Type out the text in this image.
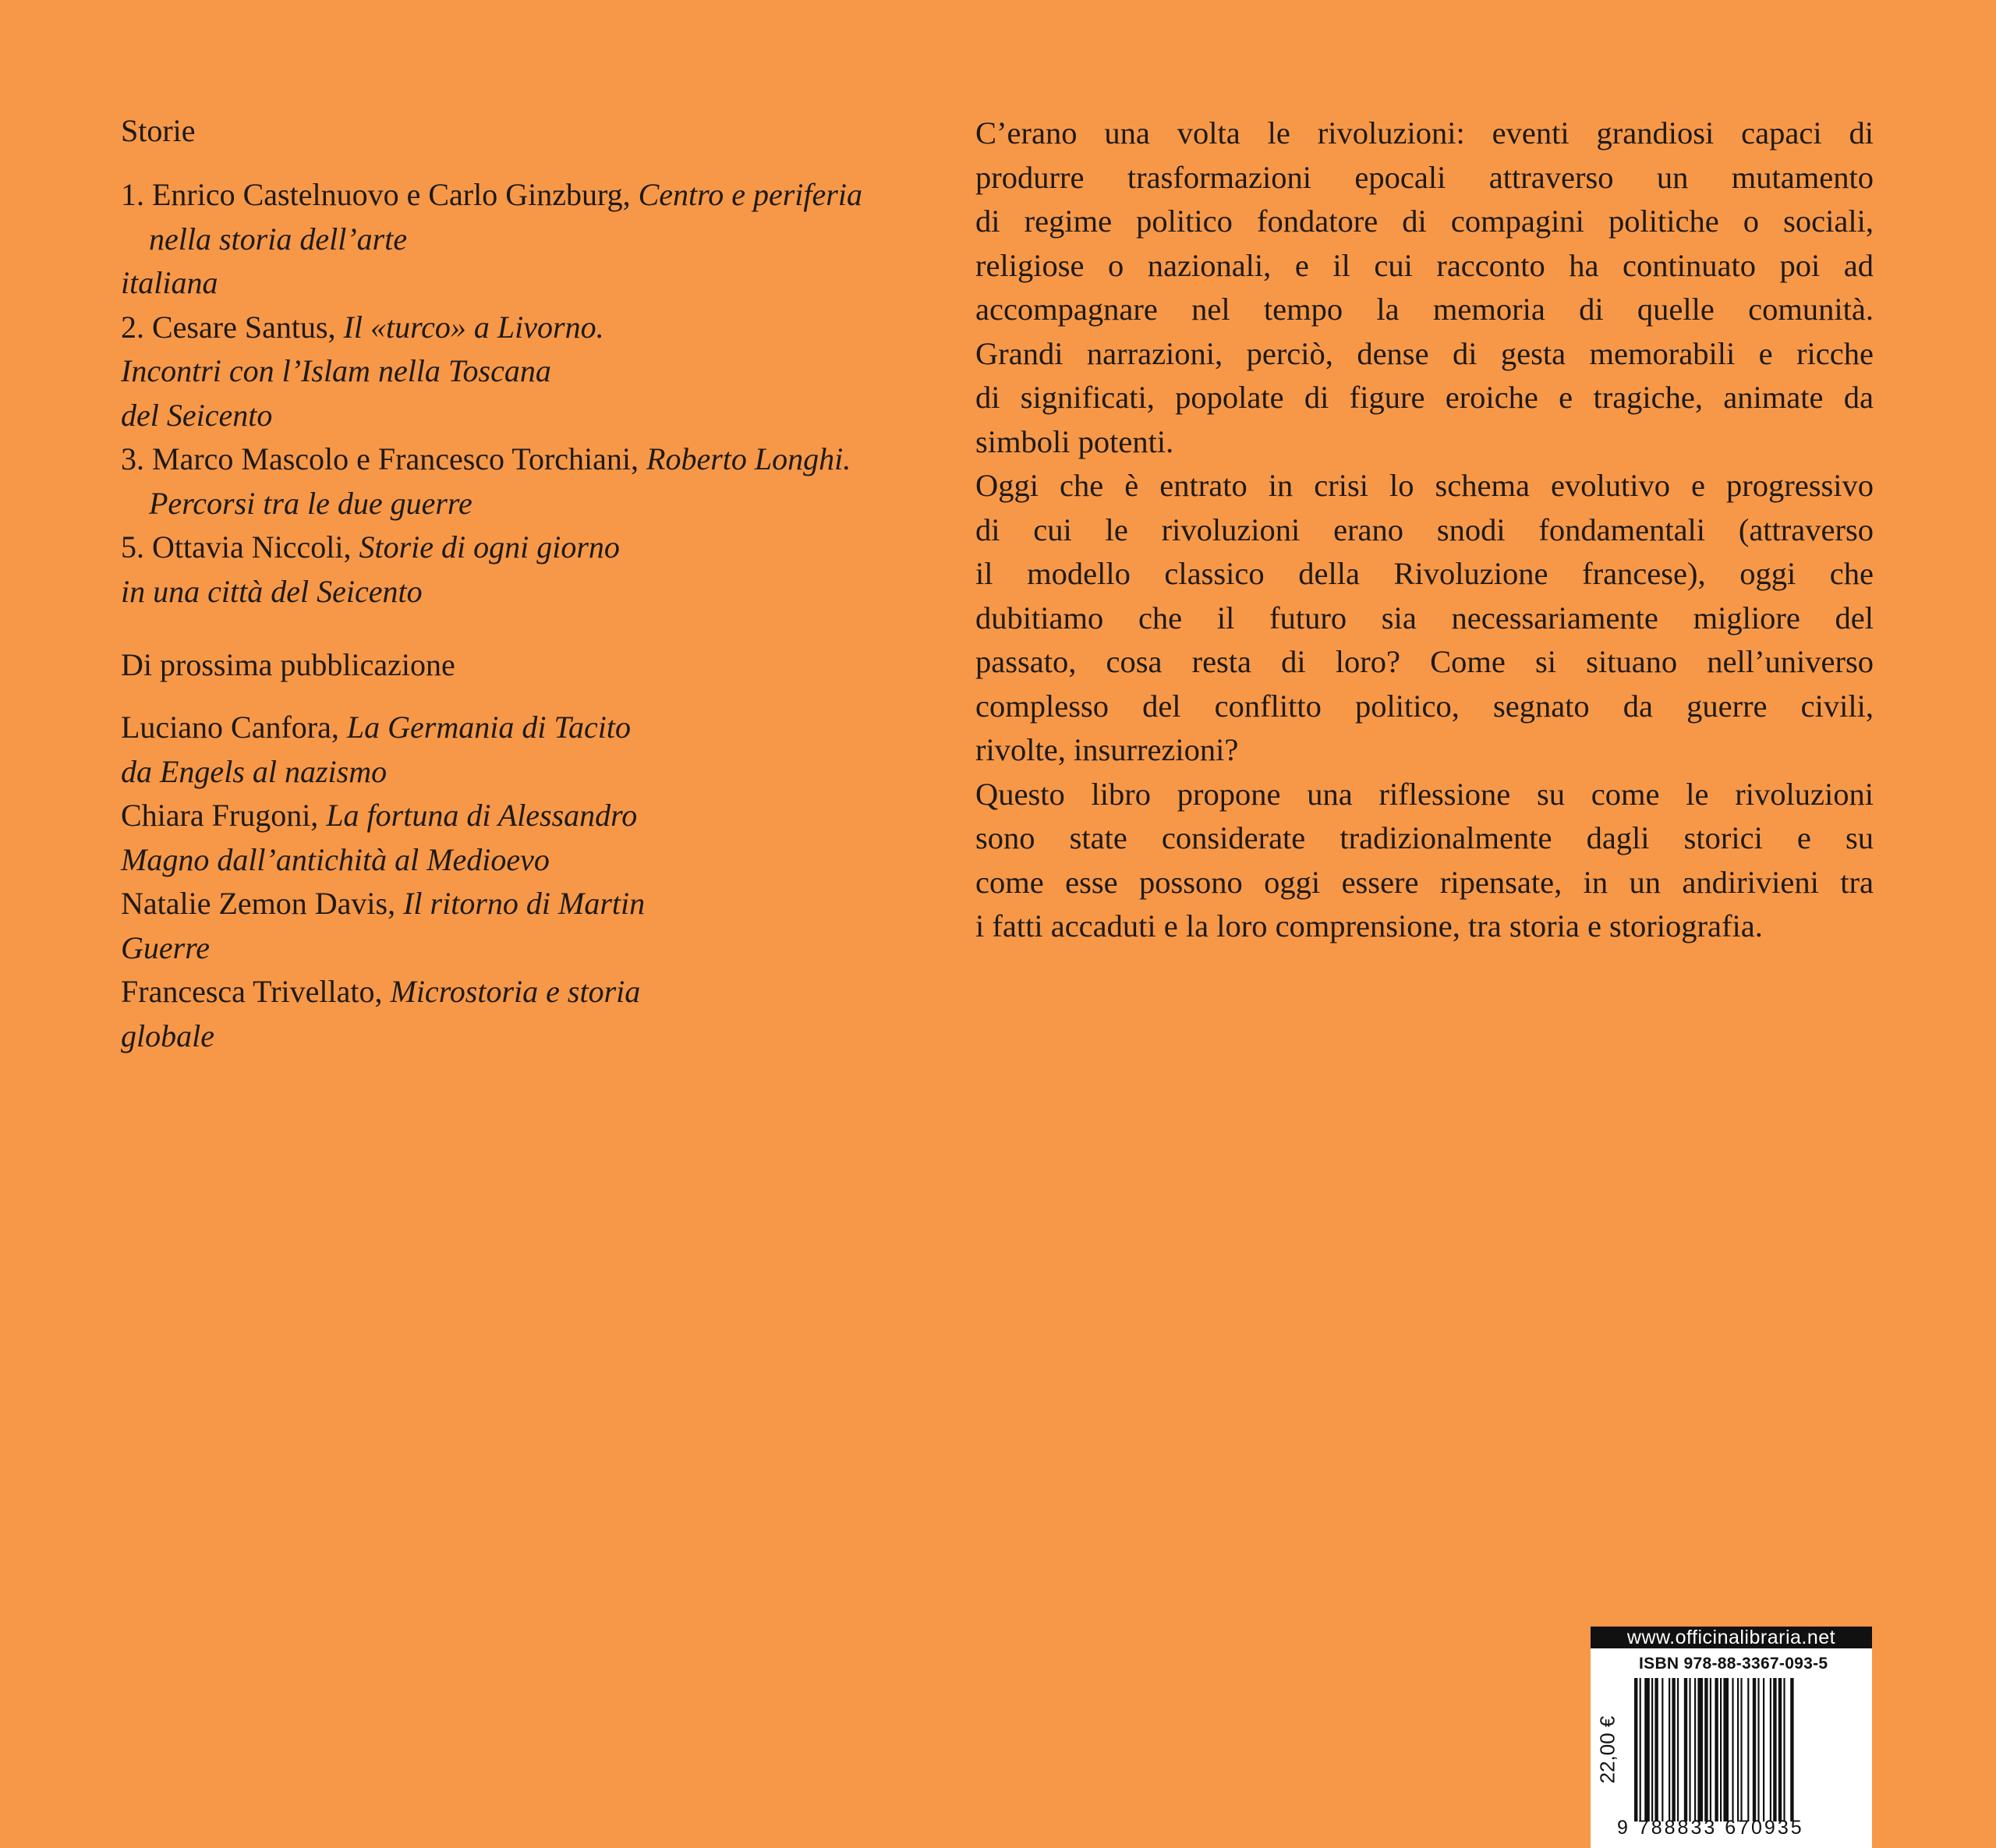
Storie
1. Enrico Castelnuovo e Carlo Ginzburg, Centro e periferia nella storia dell’arte
italiana
2. Cesare Santus, Il «turco» a Livorno.
Incontri con l’Islam nella Toscana
del Seicento
3. Marco Mascolo e Francesco Torchiani, Roberto Longhi. Percorsi tra le due guerre
5. Ottavia Niccoli, Storie di ogni giorno
in una città del Seicento
Di prossima pubblicazione
Luciano Canfora, La Germania di Tacito
da Engels al nazismo
Chiara Frugoni, La fortuna di Alessandro
Magno dall’antichità al Medioevo
Natalie Zemon Davis, Il ritorno di Martin
Guerre
Francesca Trivellato, Microstoria e storia
globale

C’erano una volta le rivoluzioni: eventi grandiosi capaci di
produrre trasformazioni epocali attraverso un mutamento
di regime politico fondatore di compagini politiche o sociali,
religiose o nazionali, e il cui racconto ha continuato poi ad
accompagnare nel tempo la memoria di quelle comunità.
Grandi narrazioni, perciò, dense di gesta memorabili e ricche
di significati, popolate di figure eroiche e tragiche, animate da
simboli potenti.

Oggi che è entrato in crisi lo schema evolutivo e progressivo
di cui le rivoluzioni erano snodi fondamentali (attraverso
il modello classico della Rivoluzione francese), oggi che
dubitiamo che il futuro sia necessariamente migliore del
passato, cosa resta di loro? Come si situano nell’universo
complesso del conflitto politico, segnato da guerre civili,
rivolte, insurrezioni?

Questo libro propone una riflessione su come le rivoluzioni
sono state considerate tradizionalmente dagli storici e su
come esse possono oggi essere ripensate, in un andirivieni tra
i fatti accaduti e la loro comprensione, tra storia e storiografia.

www.officinalibraria.net
22,00 €
ISBN 978-88-3367-093-5
9 788833 670935
